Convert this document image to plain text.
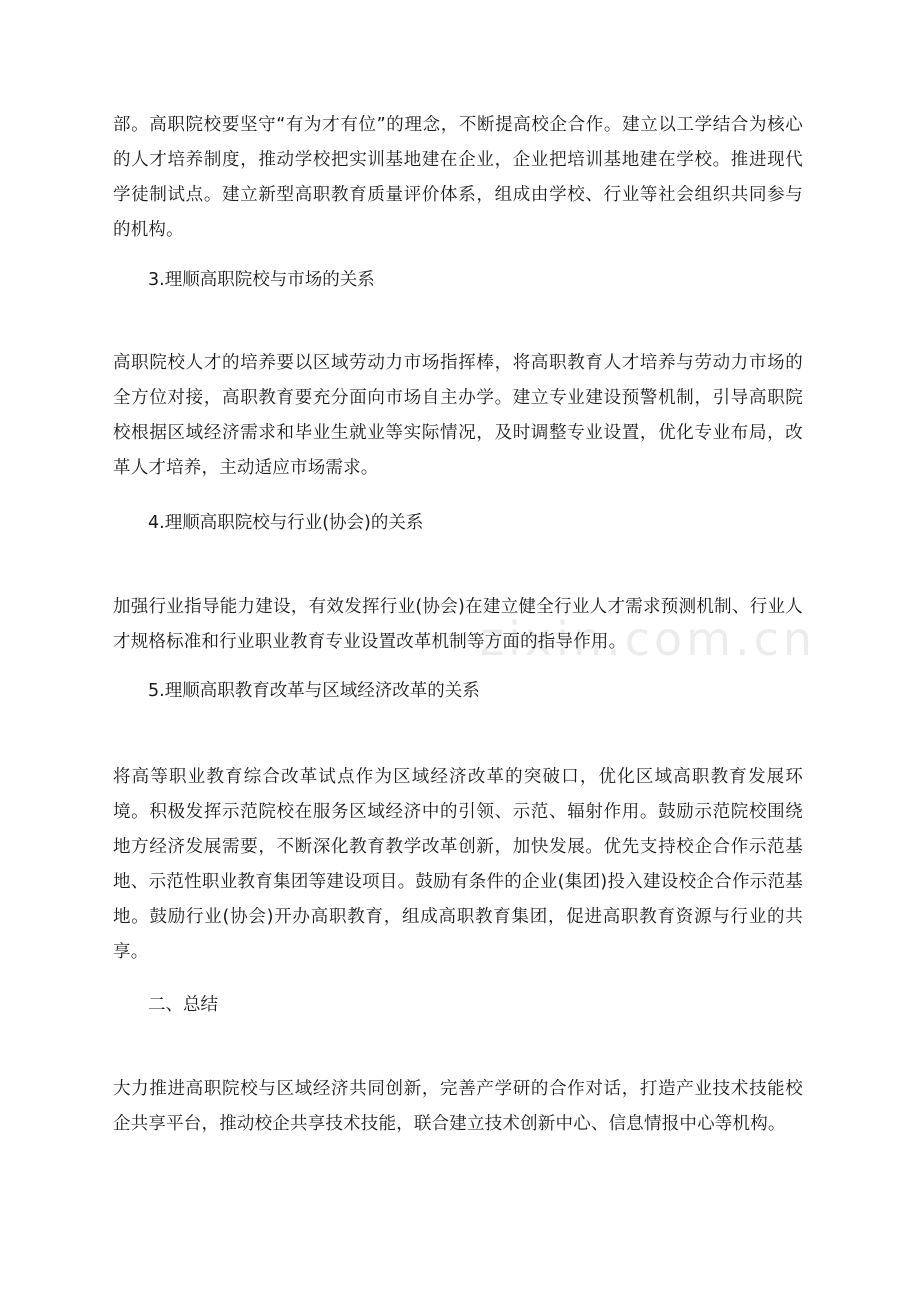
部。高职院校要坚守“有为才有位”的理念，不断提高校企合作。建立以工学结合为核心的人才培养制度，推动学校把实训基地建在企业，企业把培训基地建在学校。推进现代学徒制试点。建立新型高职教育质量评价体系，组成由学校、行业等社会组织共同参与的机构。

3.理顺高职院校与市场的关系

高职院校人才的培养要以区域劳动力市场指挥棒，将高职教育人才培养与劳动力市场的全方位对接，高职教育要充分面向市场自主办学。建立专业建设预警机制，引导高职院校根据区域经济需求和毕业生就业等实际情况，及时调整专业设置，优化专业布局，改革人才培养，主动适应市场需求。

4.理顺高职院校与行业(协会)的关系

加强行业指导能力建设，有效发挥行业(协会)在建立健全行业人才需求预测机制、行业人才规格标准和行业职业教育专业设置改革机制等方面的指导作用。

5.理顺高职教育改革与区域经济改革的关系

将高等职业教育综合改革试点作为区域经济改革的突破口，优化区域高职教育发展环境。积极发挥示范院校在服务区域经济中的引领、示范、辐射作用。鼓励示范院校围绕地方经济发展需要，不断深化教育教学改革创新，加快发展。优先支持校企合作示范基地、示范性职业教育集团等建设项目。鼓励有条件的企业(集团)投入建设校企合作示范基地。鼓励行业(协会)开办高职教育，组成高职教育集团，促进高职教育资源与行业的共享。

二、总结

大力推进高职院校与区域经济共同创新，完善产学研的合作对话，打造产业技术技能校企共享平台，推动校企共享技术技能，联合建立技术创新中心、信息情报中心等机构。

zixin.com.cn
